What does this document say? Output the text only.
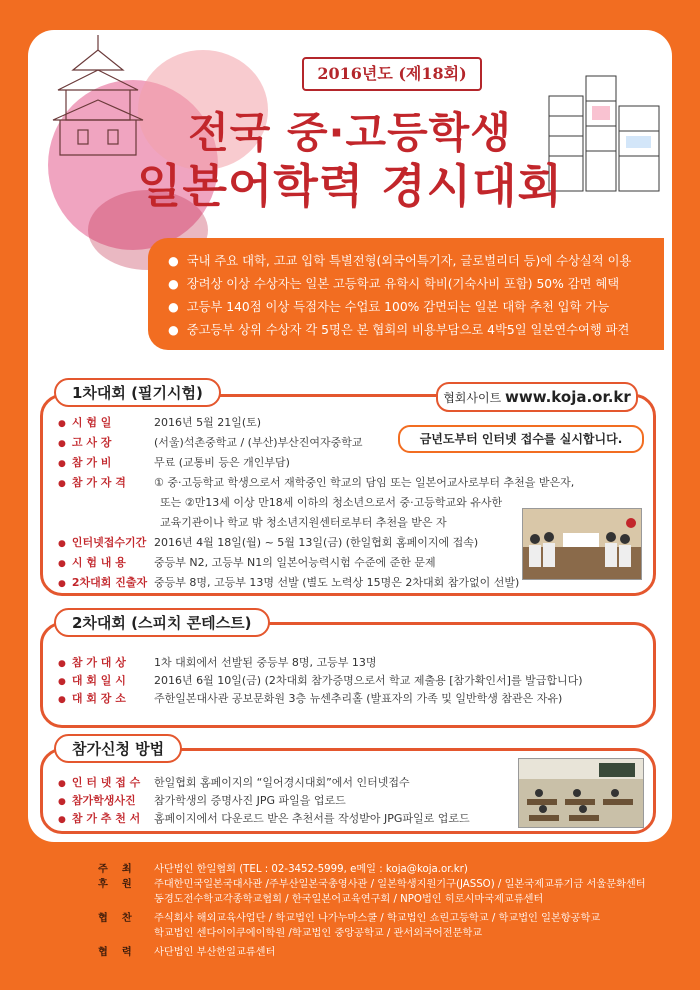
2016년도 (제18회)
전국 중·고등학생
일본어학력 경시대회
● 국내 주요 대학, 고교 입학 특별전형(외국어특기자, 글로벌리더 등)에 수상실적 이용
● 장려상 이상 수상자는 일본 고등학교 유학시 학비(기숙사비 포함) 50% 감면 혜택
● 고등부 140점 이상 득점자는 수업료 100% 감면되는 일본 대학 추천 입학 가능
● 중고등부 상위 수상자 각 5명은 본 협회의 비용부담으로 4박5일 일본연수여행 파견
1차대회 (필기시험)	협회사이트 www.koja.or.kr
금년도부터 인터넷 접수를 실시합니다.
● 시 험 일	2016년 5월 21일(토)
● 고 사 장	(서울)석촌중학교 / (부산)부산진여자중학교
● 참 가 비	무료 (교통비 등은 개인부담)
● 참 가 자 격	① 중·고등학교 학생으로서 재학중인 학교의 담임 또는 일본어교사로부터 추천을 받은자,
또는 ②만13세 이상 만18세 이하의 청소년으로서 중·고등학교와 유사한
교육기관이나 학교 밖 청소년지원센터로부터 추천을 받은 자
● 인터넷접수기간 2016년 4월 18일(월) ~ 5월 13일(금) (한일협회 홈페이지에 접속)
● 시 험 내 용	중등부 N2, 고등부 N1의 일본어능력시험 수준에 준한 문제
● 2차대회 진출자 중등부 8명, 고등부 13명 선발 (별도 노력상 15명은 2차대회 참가없이 선발)
2차대회 (스피치 콘테스트)
● 참 가 대 상	1차 대회에서 선발된 중등부 8명, 고등부 13명
● 대 회 일 시	2016년 6월 10일(금) (2차대회 참가증명으로서 학교 제출용 [참가확인서]를 발급합니다)
● 대 회 장 소	주한일본대사관 공보문화원 3층 뉴센추리홀 (발표자의 가족 및 일반학생 참관은 자유)
참가신청 방법
● 인 터 넷 접 수 한일협회 홈페이지의 “일어경시대회”에서 인터넷접수
● 참가학생사진 참가학생의 증명사진 JPG 파일을 업로드
● 참 가 추 천 서 홈페이지에서 다운로드 받은 추천서를 작성받아 JPG파일로 업로드
주최 사단법인 한일협회 (TEL : 02-3452-5999, e메일 : koja@koja.or.kr)
후원 주대한민국일본국대사관 /주부산일본국총영사관 / 일본학생지원기구(JASSO) / 일본국제교류기금 서울문화센터
동경도전수학교각종학교협회 / 한국일본어교육연구회 / NPO법인 히로시마국제교류센터
협찬 주식회사 해외교육사업단 / 학교법인 나가누마스쿨 / 학교법인 쇼린고등학교 / 학교법인 일본항공학교
학교법인 센다이이쿠에이학원 /학교법인 중앙공학교 / 관서외국어전문학교
협력 사단법인 부산한일교류센터
